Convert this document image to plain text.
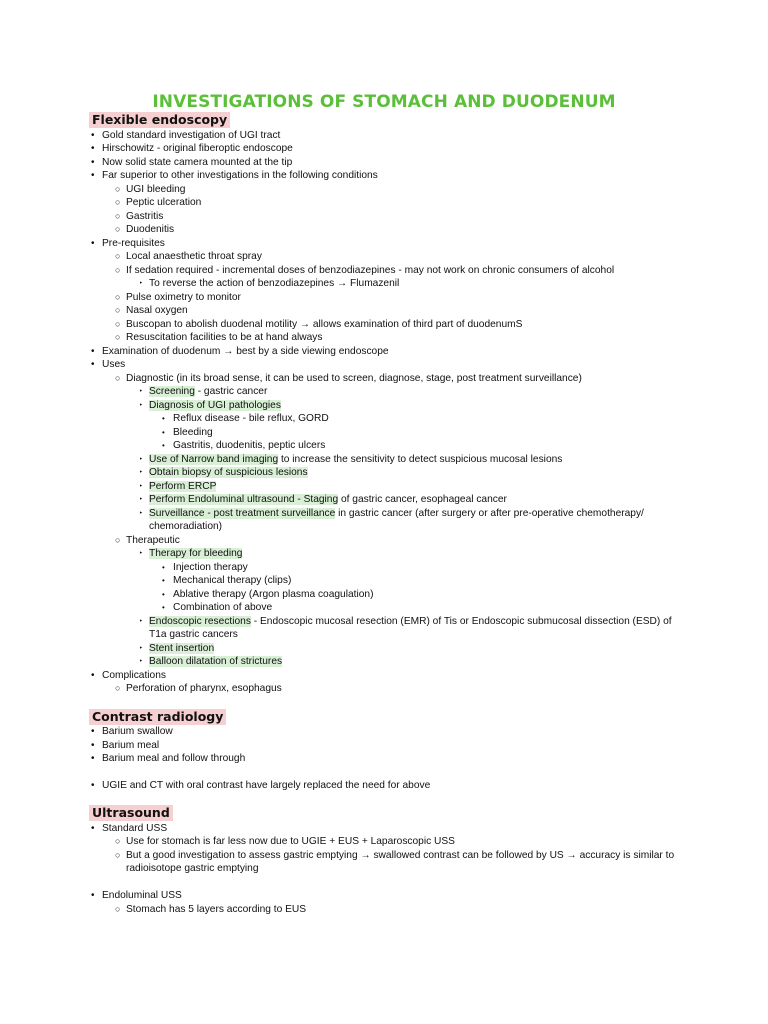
INVESTIGATIONS OF STOMACH AND DUODENUM
Flexible endoscopy
• Gold standard investigation of UGI tract
• Hirschowitz - original fiberoptic endoscope
• Now solid state camera mounted at the tip
• Far superior to other investigations in the following conditions
○ UGI bleeding
○ Peptic ulceration
○ Gastritis
○ Duodenitis
• Pre-requisites
○ Local anaesthetic throat spray
○ If sedation required - incremental doses of benzodiazepines - may not work on chronic consumers of alcohol
‣ To reverse the action of benzodiazepines → Flumazenil
○ Pulse oximetry to monitor
○ Nasal oxygen
○ Buscopan to abolish duodenal motility → allows examination of third part of duodenumS
○ Resuscitation facilities to be at hand always
• Examination of duodenum → best by a side viewing endoscope
• Uses
○ Diagnostic (in its broad sense, it can be used to screen, diagnose, stage, post treatment surveillance)
‣ Screening - gastric cancer
‣ Diagnosis of UGI pathologies
• Reflux disease - bile reflux, GORD
• Bleeding
• Gastritis, duodenitis, peptic ulcers
‣ Use of Narrow band imaging to increase the sensitivity to detect suspicious mucosal lesions
‣ Obtain biopsy of suspicious lesions
‣ Perform ERCP
‣ Perform Endoluminal ultrasound - Staging of gastric cancer, esophageal cancer
‣ Surveillance - post treatment surveillance in gastric cancer (after surgery or after pre-operative chemotherapy/
chemoradiation)
○ Therapeutic
‣ Therapy for bleeding
• Injection therapy
• Mechanical therapy (clips)
• Ablative therapy (Argon plasma coagulation)
• Combination of above
‣ Endoscopic resections - Endoscopic mucosal resection (EMR) of Tis or Endoscopic submucosal dissection (ESD) of
T1a gastric cancers
‣ Stent insertion
‣ Balloon dilatation of strictures
• Complications
○ Perforation of pharynx, esophagus
Contrast radiology
• Barium swallow
• Barium meal
• Barium meal and follow through
• UGIE and CT with oral contrast have largely replaced the need for above
Ultrasound
• Standard USS
○ Use for stomach is far less now due to UGIE + EUS + Laparoscopic USS
○ But a good investigation to assess gastric emptying → swallowed contrast can be followed by US → accuracy is similar to
radioisotope gastric emptying
• Endoluminal USS
○ Stomach has 5 layers according to EUS
